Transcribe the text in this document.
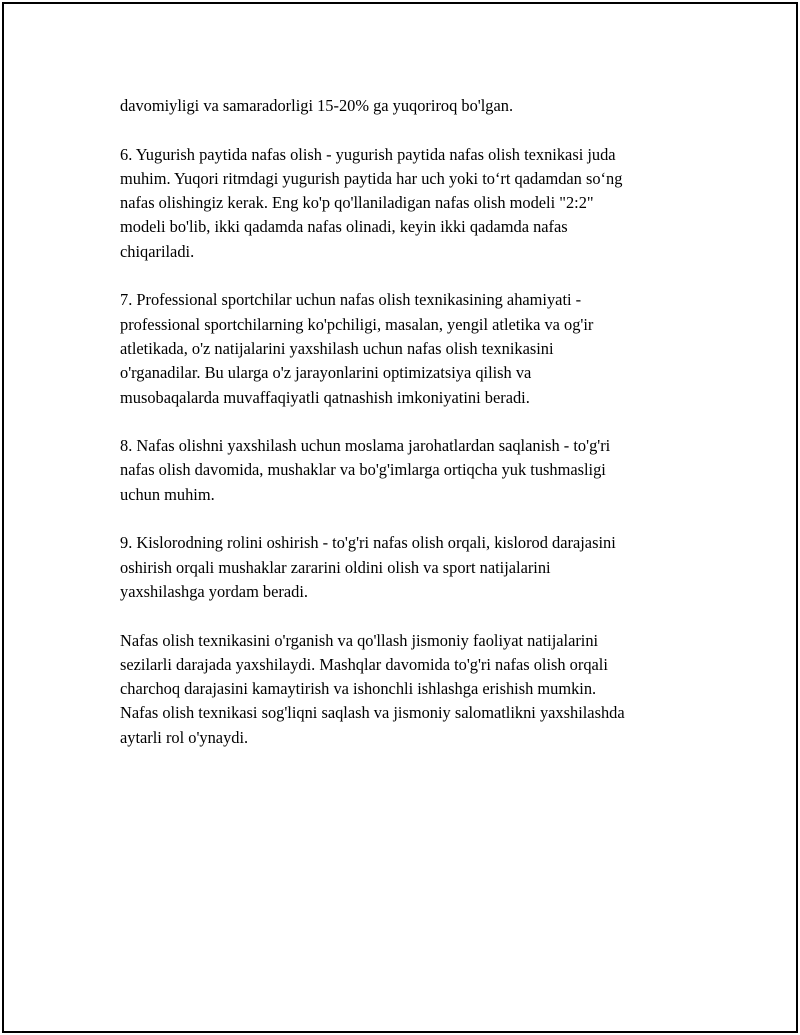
davomiyligi va samaradorligi 15-20% ga yuqoriroq bo'lgan.

6. Yugurish paytida nafas olish - yugurish paytida nafas olish texnikasi juda
muhim. Yuqori ritmdagi yugurish paytida har uch yoki to‘rt qadamdan so‘ng
nafas olishingiz kerak. Eng ko'p qo'llaniladigan nafas olish modeli "2:2"
modeli bo'lib, ikki qadamda nafas olinadi, keyin ikki qadamda nafas
chiqariladi.

7. Professional sportchilar uchun nafas olish texnikasining ahamiyati -
professional sportchilarning ko'pchiligi, masalan, yengil atletika va og'ir
atletikada, o'z natijalarini yaxshilash uchun nafas olish texnikasini
o'rganadilar. Bu ularga o'z jarayonlarini optimizatsiya qilish va
musobaqalarda muvaffaqiyatli qatnashish imkoniyatini beradi.

8. Nafas olishni yaxshilash uchun moslama jarohatlardan saqlanish - to'g'ri
nafas olish davomida, mushaklar va bo'g'imlarga ortiqcha yuk tushmasligi
uchun muhim.

9. Kislorodning rolini oshirish - to'g'ri nafas olish orqali, kislorod darajasini
oshirish orqali mushaklar zararini oldini olish va sport natijalarini
yaxshilashga yordam beradi.

Nafas olish texnikasini o'rganish va qo'llash jismoniy faoliyat natijalarini
sezilarli darajada yaxshilaydi. Mashqlar davomida to'g'ri nafas olish orqali
charchoq darajasini kamaytirish va ishonchli ishlashga erishish mumkin.
Nafas olish texnikasi sog'liqni saqlash va jismoniy salomatlikni yaxshilashda
aytarli rol o'ynaydi.
